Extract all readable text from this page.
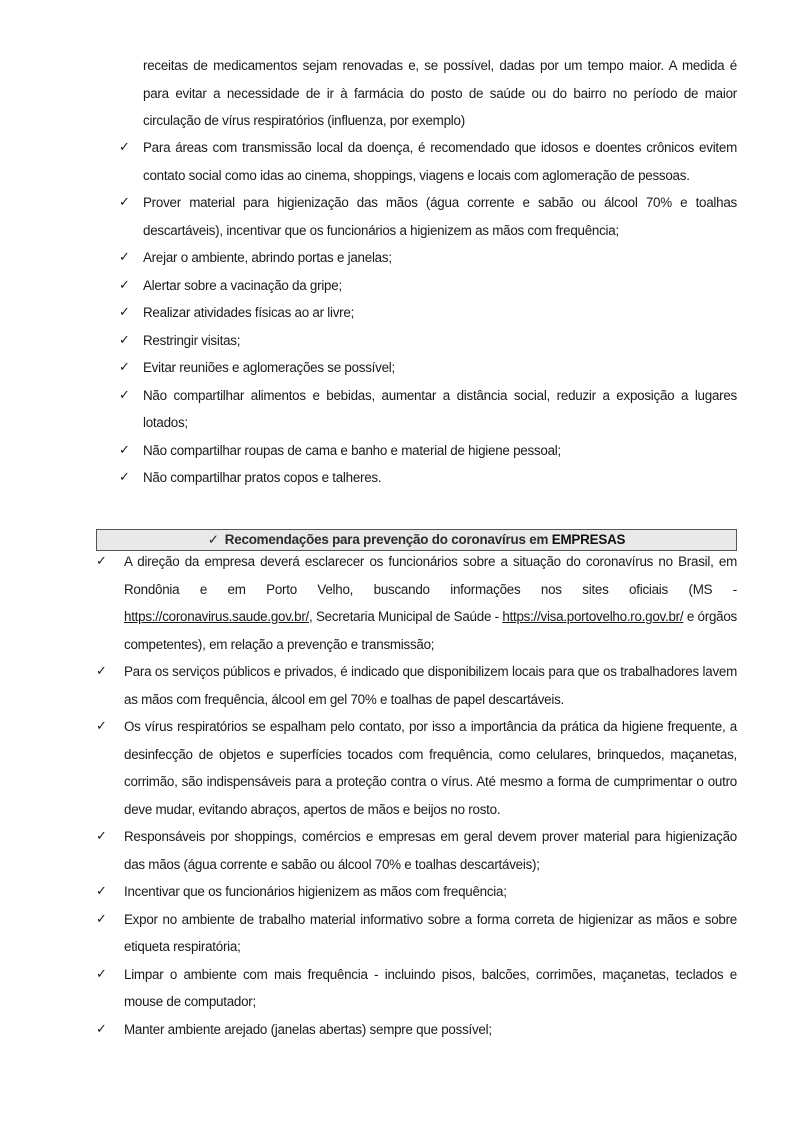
receitas de medicamentos sejam renovadas e, se possível, dadas por um tempo maior. A medida é para evitar a necessidade de ir à farmácia do posto de saúde ou do bairro no período de maior circulação de vírus respiratórios (influenza, por exemplo)

✓ Para áreas com transmissão local da doença, é recomendado que idosos e doentes crônicos evitem contato social como idas ao cinema, shoppings, viagens e locais com aglomeração de pessoas.
✓ Prover material para higienização das mãos (água corrente e sabão ou álcool 70% e toalhas descartáveis), incentivar que os funcionários a higienizem as mãos com frequência;
✓ Arejar o ambiente, abrindo portas e janelas;
✓ Alertar sobre a vacinação da gripe;
✓ Realizar atividades físicas ao ar livre;
✓ Restringir visitas;
✓ Evitar reuniões e aglomerações se possível;
✓ Não compartilhar alimentos e bebidas, aumentar a distância social, reduzir a exposição a lugares lotados;
✓ Não compartilhar roupas de cama e banho e material de higiene pessoal;
✓ Não compartilhar pratos copos e talheres.
✓ Recomendações para prevenção do coronavírus em EMPRESAS
✓ A direção da empresa deverá esclarecer os funcionários sobre a situação do coronavírus no Brasil, em Rondônia e em Porto Velho, buscando informações nos sites oficiais (MS - https://coronavirus.saude.gov.br/, Secretaria Municipal de Saúde - https://visa.portovelho.ro.gov.br/ e órgãos competentes), em relação a prevenção e transmissão;
✓ Para os serviços públicos e privados, é indicado que disponibilizem locais para que os trabalhadores lavem as mãos com frequência, álcool em gel 70% e toalhas de papel descartáveis.
✓ Os vírus respiratórios se espalham pelo contato, por isso a importância da prática da higiene frequente, a desinfecção de objetos e superfícies tocados com frequência, como celulares, brinquedos, maçanetas, corrimão, são indispensáveis para a proteção contra o vírus. Até mesmo a forma de cumprimentar o outro deve mudar, evitando abraços, apertos de mãos e beijos no rosto.
✓ Responsáveis por shoppings, comércios e empresas em geral devem prover material para higienização das mãos (água corrente e sabão ou álcool 70% e toalhas descartáveis);
✓ Incentivar que os funcionários higienizem as mãos com frequência;
✓ Expor no ambiente de trabalho material informativo sobre a forma correta de higienizar as mãos e sobre etiqueta respiratória;
✓ Limpar o ambiente com mais frequência - incluindo pisos, balcões, corrimões, maçanetas, teclados e mouse de computador;
✓ Manter ambiente arejado (janelas abertas) sempre que possível;
